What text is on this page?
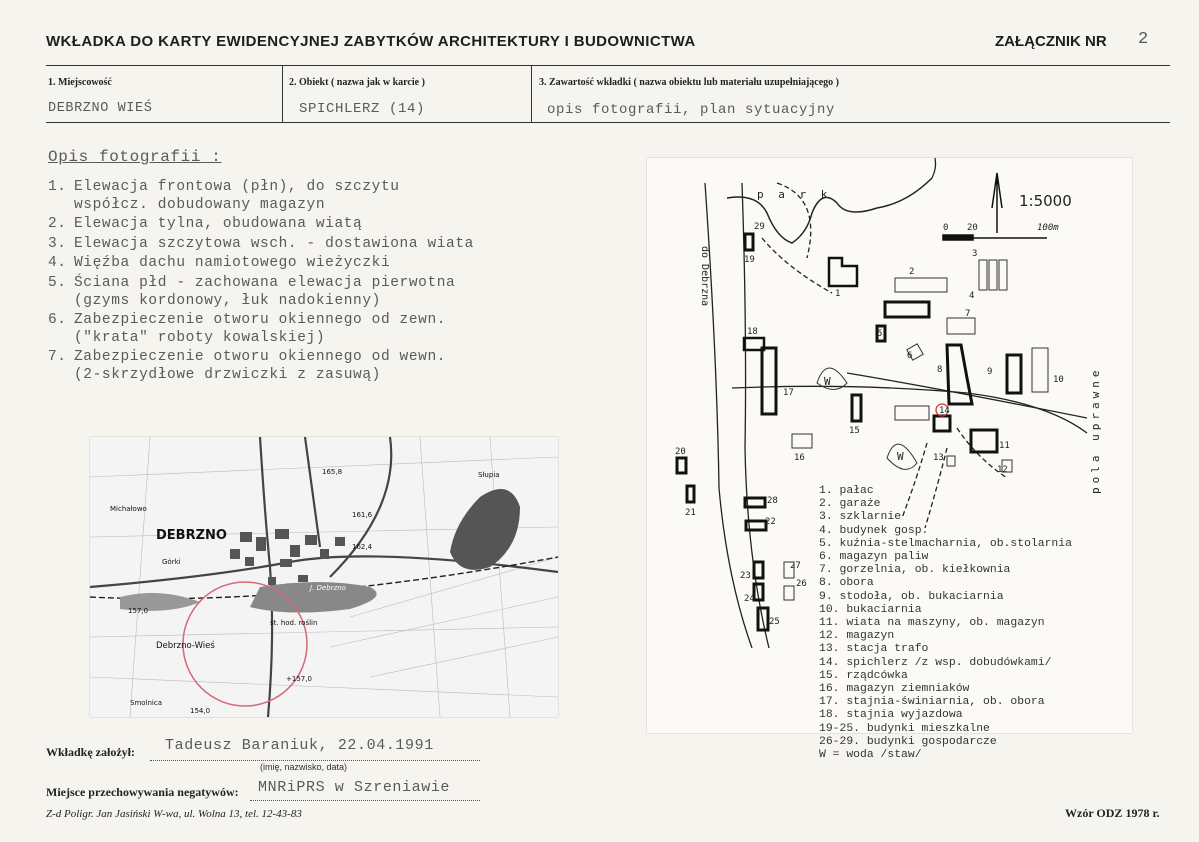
WKŁADKA DO KARTY EWIDENCYJNEJ ZABYTKÓW ARCHITEKTURY I BUDOWNICTWA	ZAŁĄCZNIK NR 2
1. Miejscowość
DEBRZNO WIEŚ
2. Obiekt ( nazwa jak w karcie )
SPICHLERZ (14)
3. Zawartość wkładki ( nazwa obiektu lub materiału uzupełniającego )
opis fotografii, plan sytuacyjny
Opis fotografii :
1. Elewacja frontowa (płn), do szczytu
współcz. dobudowany magazyn
2. Elewacja tylna, obudowana wiatą
3. Elewacja szczytowa wsch. - dostawiona wiata
4. Więźba dachu namiotowego wieżyczki
5. Ściana płd - zachowana elewacja pierwotna
(gzyms kordonowy, łuk nadokienny)
6. Zabezpieczenie otworu okiennego od zewn.
("krata" roboty kowalskiej)
7. Zabezpieczenie otworu okiennego od wewn.
(2-skrzydłowe drzwiczki z zasuwą)
DEBRZNO
Debrzno-Wieś
Michałowo
Słupia
Górki
J. Debrzno
st. hod. roślin
Smolnica
165,8
161,6
162,4
157,0
+157,0
154,0
1:5000
0 20	100m
p a r k
W
W
do Debrzna
pola uprawne
1
2
3
4
5
6
7
8	9
10
11
12
13
14
15
16
17
18
19
20
21
22
23
24
25
26
27
28
29
1. pałac
2. garaże
3. szklarnie
4. budynek gosp.
5. kuźnia-stelmacharnia, ob.stolarnia
6. magazyn paliw
7. gorzelnia, ob. kiełkownia
8. obora
9. stodoła, ob. bukaciarnia
10. bukaciarnia
11. wiata na maszyny, ob. magazyn
12. magazyn
13. stacja trafo
14. spichlerz /z wsp. dobudówkami/
15. rządcówka
16. magazyn ziemniaków
17. stajnia-świniarnia, ob. obora
18. stajnia wyjazdowa
19-25. budynki mieszkalne
26-29. budynki gospodarcze
W = woda /staw/
Wkładkę założył: Tadeusz Baraniuk, 22.04.1991
(imię, nazwisko, data)
Miejsce przechowywania negatywów: MNRiPRS w Szreniawie
Z-d Poligr. Jan Jasiński W-wa, ul. Wolna 13, tel. 12-43-83	Wzór ODZ 1978 r.
